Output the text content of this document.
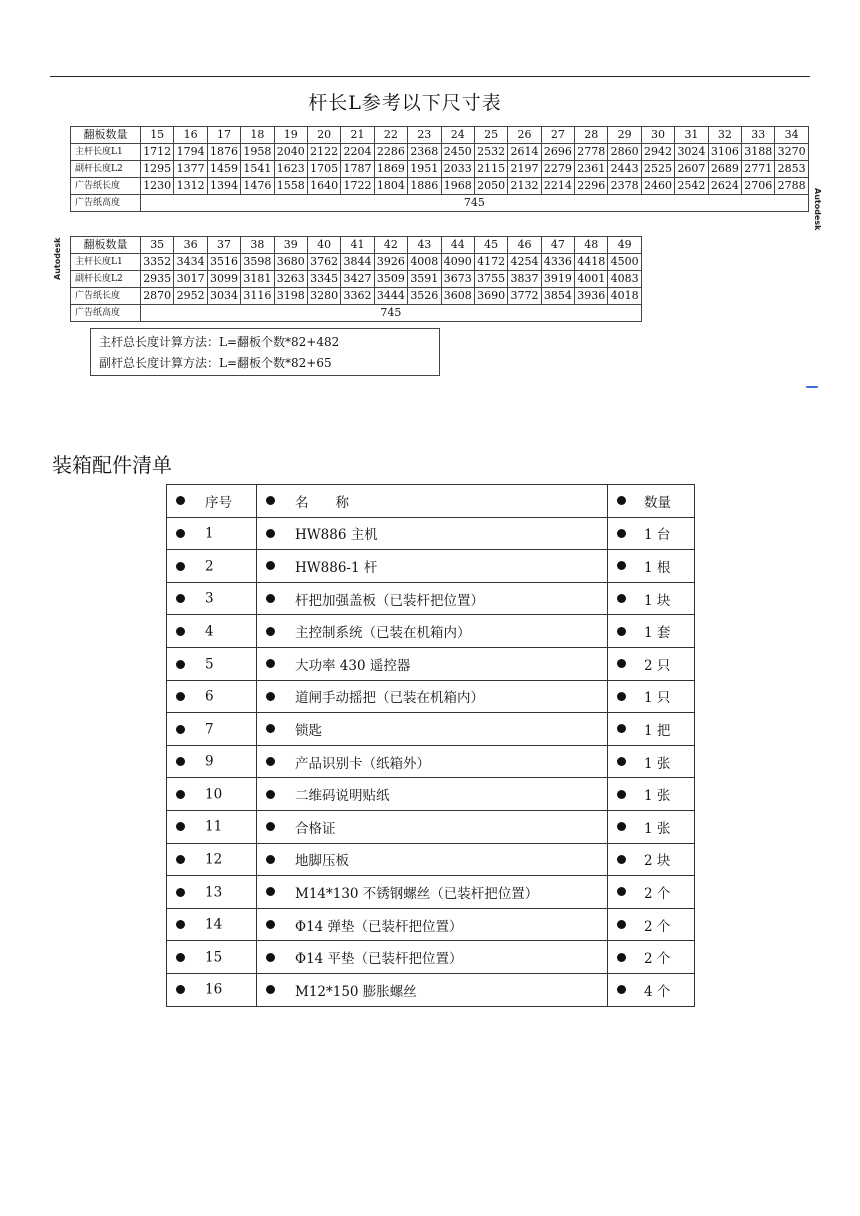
杆长L参考以下尺寸表
翻板数量	15	16	17	18	19	20	21	22	23	24	25	26	27	28	29	30	31	32	33	34
主杆长度L1	1712	1794	1876	1958	2040	2122	2204	2286	2368	2450	2532	2614	2696	2778	2860	2942	3024	3106	3188	3270
副杆长度L2	1295	1377	1459	1541	1623	1705	1787	1869	1951	2033	2115	2197	2279	2361	2443	2525	2607	2689	2771	2853
广告纸长度	1230	1312	1394	1476	1558	1640	1722	1804	1886	1968	2050	2132	2214	2296	2378	2460	2542	2624	2706	2788
广告纸高度	745																				Autodesk
翻板数量	35	36	37	38	39	40	41	42	43	44	45	46	47	48	49
主杆长度L1	3352	3434	3516	3598	3680	3762	3844	3926	4008	4090	4172	4254	4336	4418	4500
副杆长度L2	2935	3017	3099	3181	3263	3345	3427	3509	3591	3673	3755	3837	3919	4001	4083
广告纸长度	2870	2952	3034	3116	3198	3280	3362	3444	3526	3608	3690	3772	3854	3936	4018
广告纸高度	745														
Autodesk
主杆总长度计算方法：L=翻板个数*82+482
副杆总长度计算方法：L=翻板个数*82+65
装箱配件清单
序号	名　　称	数量
1	HW886 主机	1 台
2	HW886-1 杆	1 根
3	杆把加强盖板（已装杆把位置）	1 块
4	主控制系统（已装在机箱内）	1 套
5	大功率 430 遥控器	2 只
6	道闸手动摇把（已装在机箱内）	1 只
7	锁匙	1 把
9	产品识别卡（纸箱外）	1 张
10	二维码说明贴纸	1 张
11	合格证	1 张
12	地脚压板	2 块
13	M14*130 不锈钢螺丝（已装杆把位置）	2 个
14	Φ14 弹垫（已装杆把位置）	2 个
15	Φ14 平垫（已装杆把位置）	2 个
16	M12*150 膨胀螺丝	4 个
